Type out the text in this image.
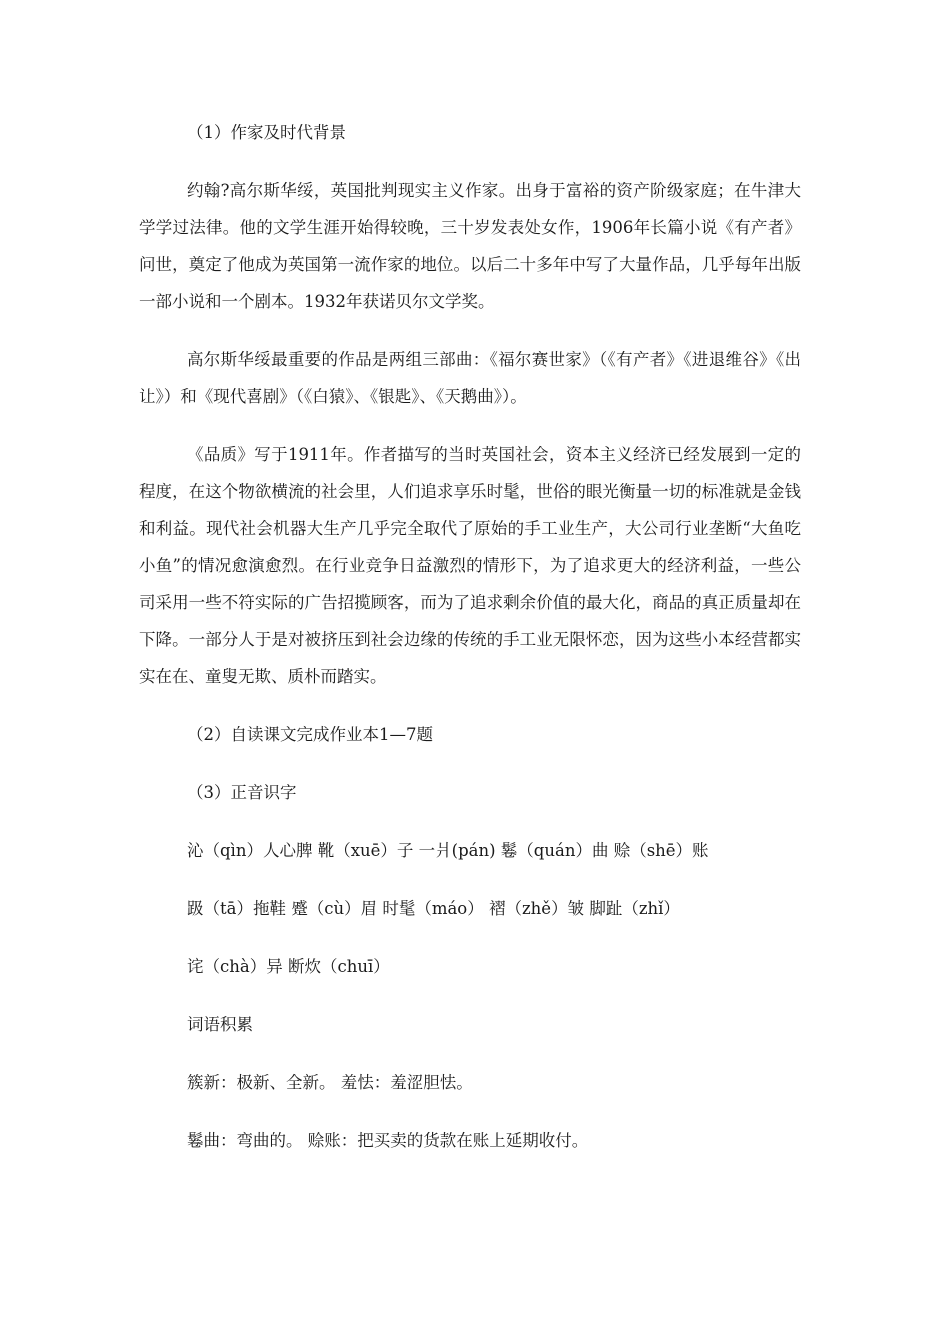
（1）作家及时代背景

约翰?高尔斯华绥，英国批判现实主义作家。出身于富裕的资产阶级家庭；在牛津大学学过法律。他的文学生涯开始得较晚，三十岁发表处女作，1906年长篇小说《有产者》问世，奠定了他成为英国第一流作家的地位。以后二十多年中写了大量作品，几乎每年出版一部小说和一个剧本。1932年获诺贝尔文学奖。

高尔斯华绥最重要的作品是两组三部曲：《福尔赛世家》（《有产者》《进退维谷》《出让》）和《现代喜剧》（《白猿》、《银匙》、《天鹅曲》）。

《品质》写于1911年。作者描写的当时英国社会，资本主义经济已经发展到一定的程度，在这个物欲横流的社会里，人们追求享乐时髦，世俗的眼光衡量一切的标准就是金钱和利益。现代社会机器大生产几乎完全取代了原始的手工业生产，大公司行业垄断“大鱼吃小鱼”的情况愈演愈烈。在行业竞争日益激烈的情形下，为了追求更大的经济利益，一些公司采用一些不符实际的广告招揽顾客，而为了追求剩余价值的最大化，商品的真正质量却在下降。一部分人于是对被挤压到社会边缘的传统的手工业无限怀恋，因为这些小本经营都实实在在、童叟无欺、质朴而踏实。

（2）自读课文完成作业本1—7题

（3）正音识字

沁（qìn）人心脾 靴（xuē）子 一爿(pán) 鬈（quán）曲 赊（shē）账

趿（tā）拖鞋 蹙（cù）眉 时髦（máo） 褶（zhě）皱 脚趾（zhǐ）

诧（chà）异 断炊（chuī）

词语积累

簇新：极新、全新。 羞怯：羞涩胆怯。

鬈曲：弯曲的。 赊账：把买卖的货款在账上延期收付。
